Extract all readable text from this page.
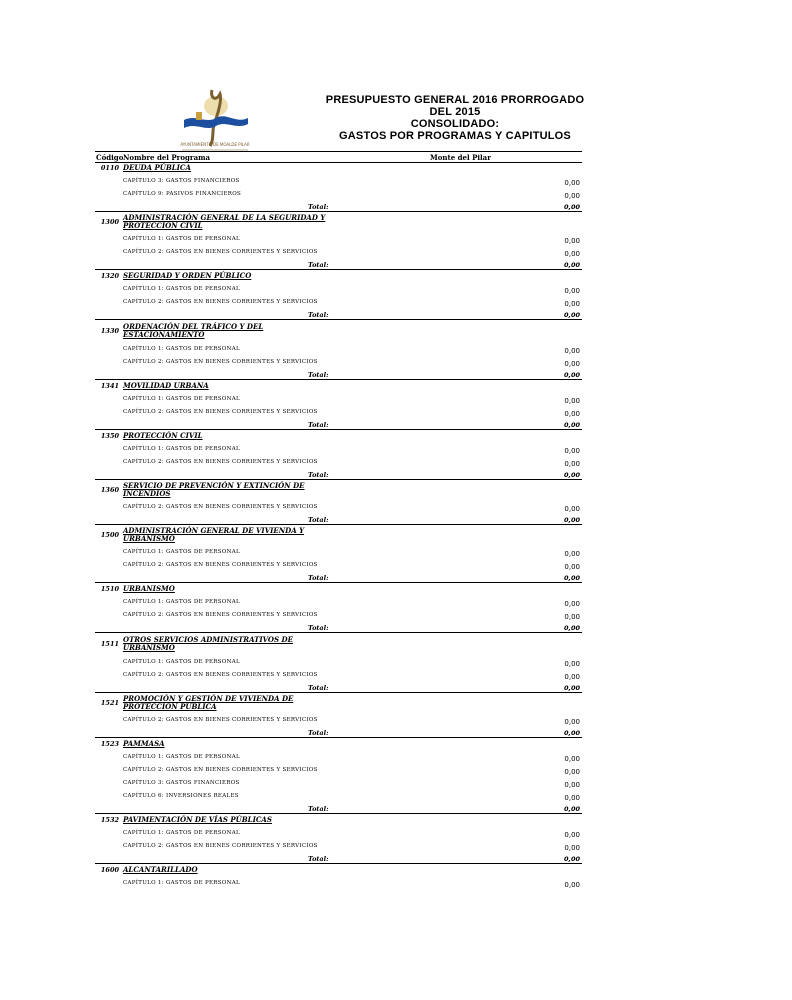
AYUNTAMIENTO DE MOALDE PILAR
PRESUPUESTO GENERAL 2016 PRORROGADO
DEL 2015
CONSOLIDADO:
GASTOS POR PROGRAMAS Y CAPITULOS
Código Nombre del Programa	Monte del Pilar
0110 DEUDA PÚBLICA
CAPÍTULO 3: GASTOS FINANCIEROS	0,00
CAPÍTULO 9: PASIVOS FINANCIEROS	0,00
Total:	0,00
1300 ADMINISTRACIÓN GENERAL DE LA SEGURIDAD Y PROTECCIÓN CIVIL
CAPÍTULO 1: GASTOS DE PERSONAL	0,00
CAPÍTULO 2: GASTOS EN BIENES CORRIENTES Y SERVICIOS	0,00
Total:	0,00
1320 SEGURIDAD Y ORDEN PÚBLICO
CAPÍTULO 1: GASTOS DE PERSONAL	0,00
CAPÍTULO 2: GASTOS EN BIENES CORRIENTES Y SERVICIOS	0,00
Total:	0,00
1330 ORDENACIÓN DEL TRÁFICO Y DEL ESTACIONAMIENTO
CAPÍTULO 1: GASTOS DE PERSONAL	0,00
CAPÍTULO 2: GASTOS EN BIENES CORRIENTES Y SERVICIOS	0,00
Total:	0,00
1341 MOVILIDAD URBANA
CAPÍTULO 1: GASTOS DE PERSONAL	0,00
CAPÍTULO 2: GASTOS EN BIENES CORRIENTES Y SERVICIOS	0,00
Total:	0,00
1350 PROTECCIÓN CIVIL
CAPÍTULO 1: GASTOS DE PERSONAL	0,00
CAPÍTULO 2: GASTOS EN BIENES CORRIENTES Y SERVICIOS	0,00
Total:	0,00
1360 SERVICIO DE PREVENCIÓN Y EXTINCIÓN DE INCENDIOS
CAPÍTULO 2: GASTOS EN BIENES CORRIENTES Y SERVICIOS	0,00
Total:	0,00
1500 ADMINISTRACIÓN GENERAL DE VIVIENDA Y URBANISMO
CAPÍTULO 1: GASTOS DE PERSONAL	0,00
CAPÍTULO 2: GASTOS EN BIENES CORRIENTES Y SERVICIOS	0,00
Total:	0,00
1510 URBANISMO
CAPÍTULO 1: GASTOS DE PERSONAL	0,00
CAPÍTULO 2: GASTOS EN BIENES CORRIENTES Y SERVICIOS	0,00
Total:	0,00
1511 OTROS SERVICIOS ADMINISTRATIVOS DE URBANISMO
CAPÍTULO 1: GASTOS DE PERSONAL	0,00
CAPÍTULO 2: GASTOS EN BIENES CORRIENTES Y SERVICIOS	0,00
Total:	0,00
1521 PROMOCIÓN Y GESTIÓN DE VIVIENDA DE PROTECCIÓN PÚBLICA
CAPÍTULO 2: GASTOS EN BIENES CORRIENTES Y SERVICIOS	0,00
Total:	0,00
1523 PAMMASA
CAPÍTULO 1: GASTOS DE PERSONAL	0,00
CAPÍTULO 2: GASTOS EN BIENES CORRIENTES Y SERVICIOS	0,00
CAPÍTULO 3: GASTOS FINANCIEROS	0,00
CAPÍTULO 6: INVERSIONES REALES	0,00
Total:	0,00
1532 PAVIMENTACIÓN DE VÍAS PÚBLICAS
CAPÍTULO 1: GASTOS DE PERSONAL	0,00
CAPÍTULO 2: GASTOS EN BIENES CORRIENTES Y SERVICIOS	0,00
Total:	0,00
1600 ALCANTARILLADO
CAPÍTULO 1: GASTOS DE PERSONAL	0,00
